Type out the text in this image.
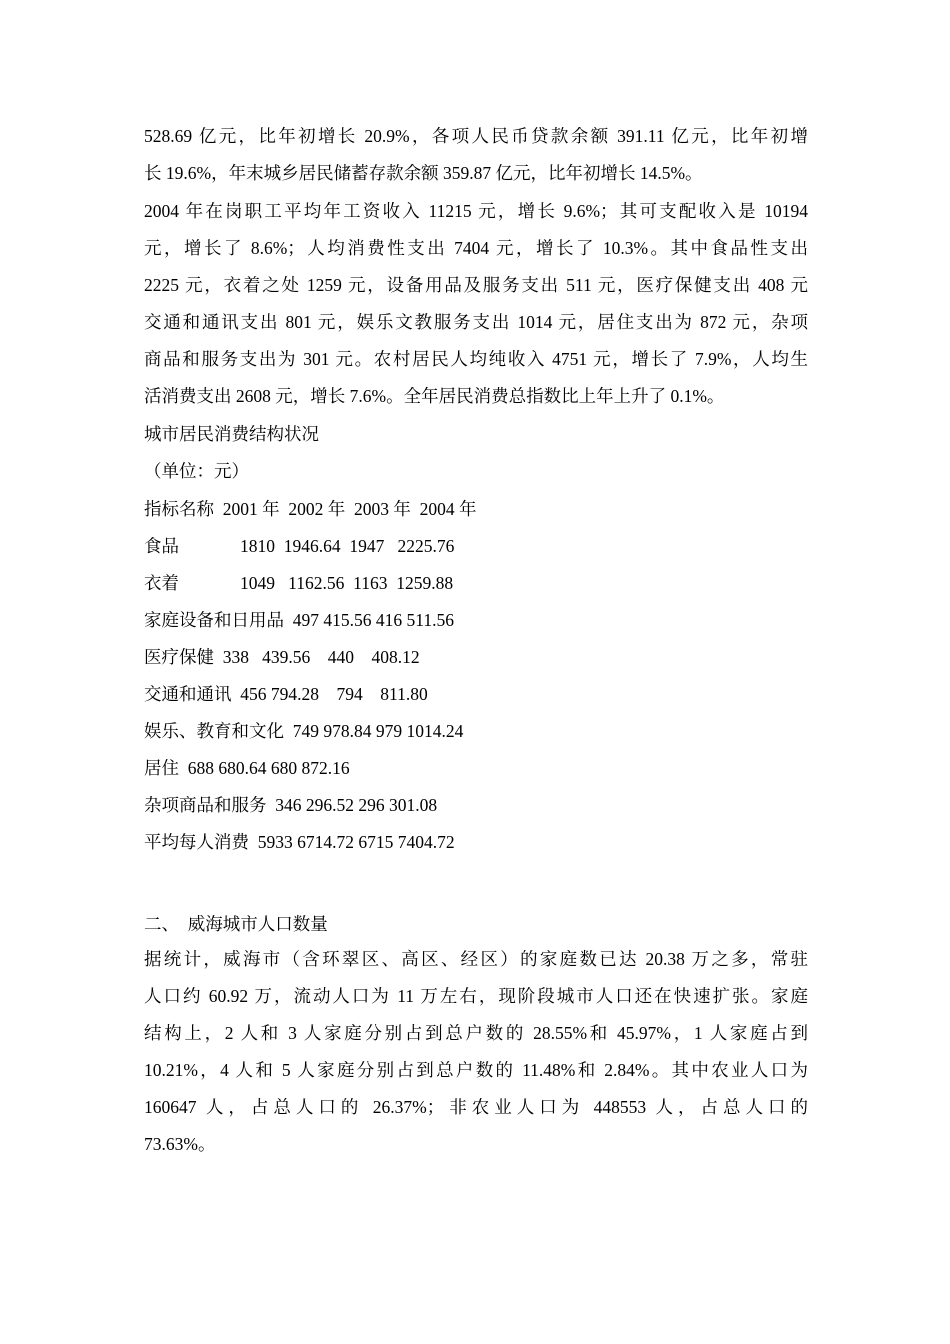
528.69 亿元，比年初增长 20.9%，各项人民币贷款余额 391.11 亿元，比年初增

长 19.6%，年末城乡居民储蓄存款余额 359.87 亿元，比年初增长 14.5%。

2004 年在岗职工平均年工资收入 11215 元，增长 9.6%；其可支配收入是 10194

元，增长了 8.6%；人均消费性支出 7404 元，增长了 10.3%。其中食品性支出

2225 元，衣着之处 1259 元，设备用品及服务支出 511 元，医疗保健支出 408 元

交通和通讯支出 801 元，娱乐文教服务支出 1014 元，居住支出为 872 元，杂项

商品和服务支出为 301 元。农村居民人均纯收入 4751 元，增长了 7.9%，人均生

活消费支出 2608 元，增长 7.6%。全年居民消费总指数比上年上升了 0.1%。

城市居民消费结构状况

（单位：元）

指标名称  2001 年  2002 年  2003 年  2004 年
食品	1810  1946.64  1947   2225.76
衣着	1049   1162.56  1163  1259.88
家庭设备和日用品 497 415.56 416 511.56
医疗保健 338   439.56    440    408.12
交通和通讯 456 794.28    794    811.80
娱乐、教育和文化 749 978.84 979 1014.24
居住 688 680.64 680 872.16
杂项商品和服务 346 296.52 296 301.08
平均每人消费 5933 6714.72 6715 7404.72
二、  威海城市人口数量

据统计，威海市（含环翠区、高区、经区）的家庭数已达 20.38 万之多，常驻

人口约 60.92 万，流动人口为 11 万左右，现阶段城市人口还在快速扩张。家庭

结构上，2 人和 3 人家庭分别占到总户数的 28.55%和 45.97%，1 人家庭占到

10.21%，4 人和 5 人家庭分别占到总户数的 11.48%和 2.84%。其中农业人口为

160647 人，占总人口的 26.37%；非农业人口为 448553 人，占总人口的

73.63%。
